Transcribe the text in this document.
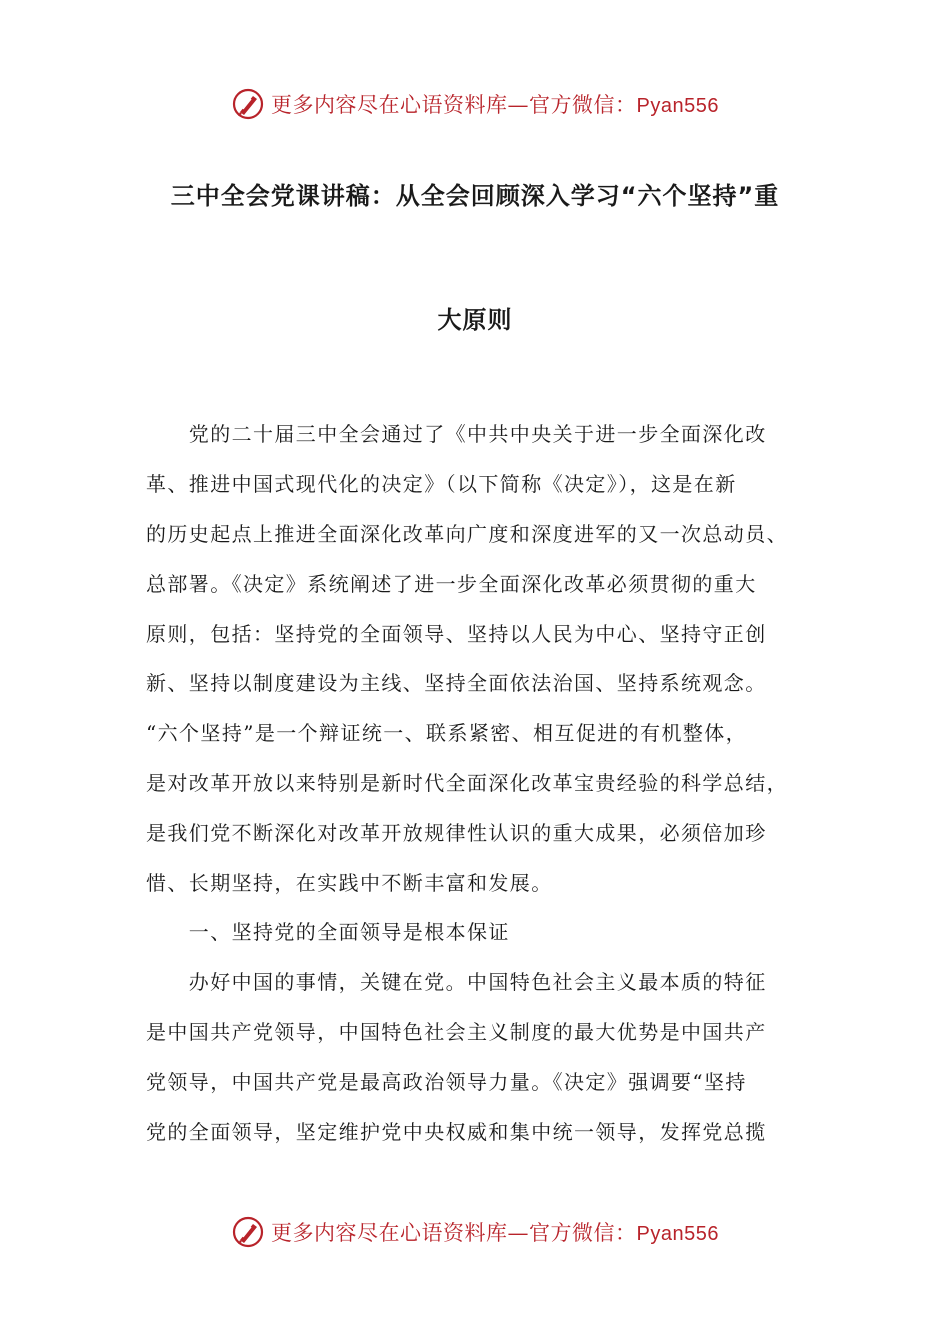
更多内容尽在心语资料库—官方微信：Pyan556
三中全会党课讲稿：从全会回顾深入学习“六个坚持”重
大原则
　　党的二十届三中全会通过了《中共中央关于进一步全面深化改
革、推进中国式现代化的决定》（以下简称《决定》），这是在新
的历史起点上推进全面深化改革向广度和深度进军的又一次总动员、
总部署。《决定》系统阐述了进一步全面深化改革必须贯彻的重大
原则，包括：坚持党的全面领导、坚持以人民为中心、坚持守正创
新、坚持以制度建设为主线、坚持全面依法治国、坚持系统观念。
“六个坚持”是一个辩证统一、联系紧密、相互促进的有机整体，
是对改革开放以来特别是新时代全面深化改革宝贵经验的科学总结，
是我们党不断深化对改革开放规律性认识的重大成果，必须倍加珍
惜、长期坚持，在实践中不断丰富和发展。
　　一、坚持党的全面领导是根本保证
　　办好中国的事情，关键在党。中国特色社会主义最本质的特征
是中国共产党领导，中国特色社会主义制度的最大优势是中国共产
党领导，中国共产党是最高政治领导力量。《决定》强调要“坚持
党的全面领导，坚定维护党中央权威和集中统一领导，发挥党总揽
更多内容尽在心语资料库—官方微信：Pyan556
